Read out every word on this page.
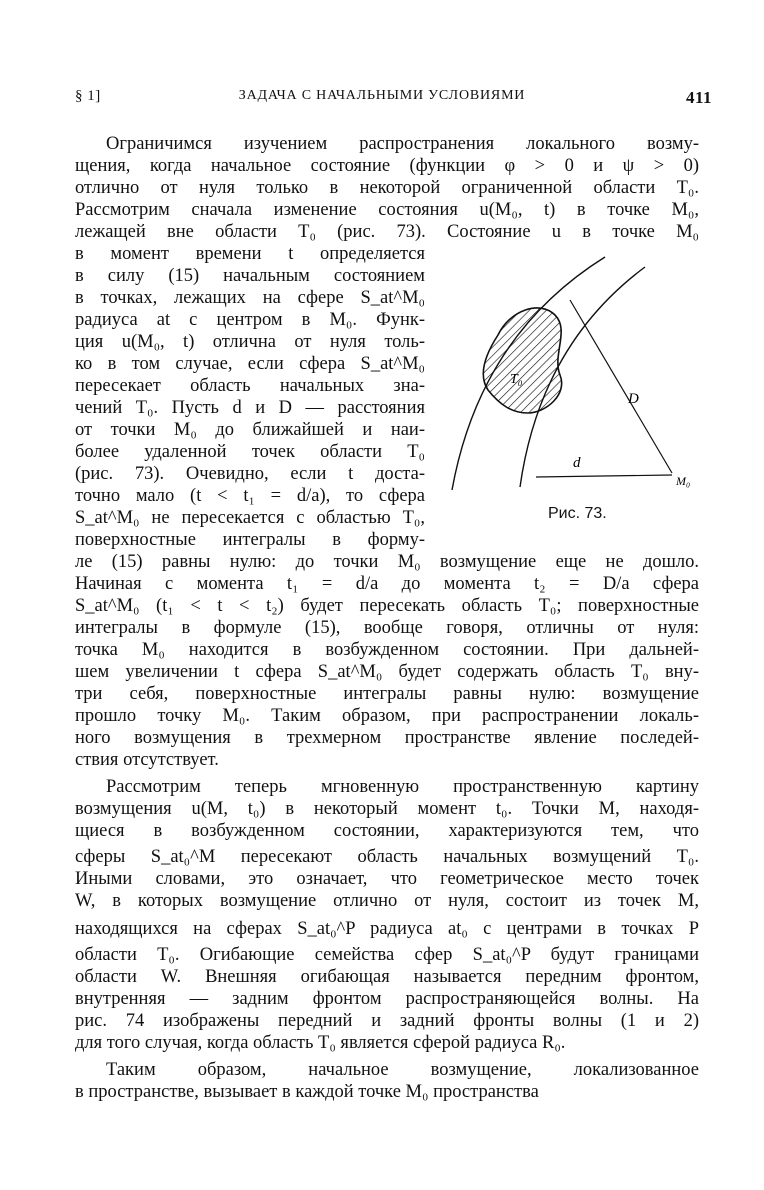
§ 1]	ЗАДАЧА С НАЧАЛЬНЫМИ УСЛОВИЯМИ	411
Ограничимся изучением распространения локального возму-
щения, когда начальное состояние (функции φ > 0 и ψ > 0)
отлично от нуля только в некоторой ограниченной области T₀.
Рассмотрим сначала изменение состояния u(M₀, t) в точке M₀,
лежащей вне области T₀ (рис. 73). Состояние u в точке M₀
в момент времени t определяется
в силу (15) начальным состоянием
в точках, лежащих на сфере S_at^M₀
радиуса at с центром в M₀. Функ-
ция u(M₀, t) отлична от нуля толь-
ко в том случае, если сфера S_at^M₀
пересекает область начальных зна-
чений T₀. Пусть d и D — расстояния
от точки M₀ до ближайшей и наи-
более удаленной точек области T₀
(рис. 73). Очевидно, если t доста-
точно мало (t < t₁ = d/a), то сфера
S_at^M₀ не пересекается с областью T₀,
поверхностные интегралы в форму-
ле (15) равны нулю: до точки M₀ возмущение еще не дошло.
Начиная с момента t₁ = d/a до момента t₂ = D/a сфера
S_at^M₀ (t₁ < t < t₂) будет пересекать область T₀; поверхностные
интегралы в формуле (15), вообще говоря, отличны от нуля:
точка M₀ находится в возбужденном состоянии. При дальней-
шем увеличении t сфера S_at^M₀ будет содержать область T₀ вну-
три себя, поверхностные интегралы равны нулю: возмущение
прошло точку M₀. Таким образом, при распространении локаль-
ного возмущения в трехмерном пространстве явление последей-
ствия отсутствует.
Рассмотрим теперь мгновенную пространственную картину
возмущения u(M, t₀) в некоторый момент t₀. Точки M, находя-
щиеся в возбужденном состоянии, характеризуются тем, что
сферы S_at₀^M пересекают область начальных возмущений T₀.
Иными словами, это означает, что геометрическое место точек
W, в которых возмущение отлично от нуля, состоит из точек M,
находящихся на сферах S_at₀^P радиуса at₀ с центрами в точках P
области T₀. Огибающие семейства сфер S_at₀^P будут границами
области W. Внешняя огибающая называется передним фронтом,
внутренняя — задним фронтом распространяющейся волны. На
рис. 74 изображены передний и задний фронты волны (1 и 2)
для того случая, когда область T₀ является сферой радиуса R₀.
Таким образом, начальное возмущение, локализованное
в пространстве, вызывает в каждой точке M₀ пространства
T₀
D
d
M₀
Рис. 73.
